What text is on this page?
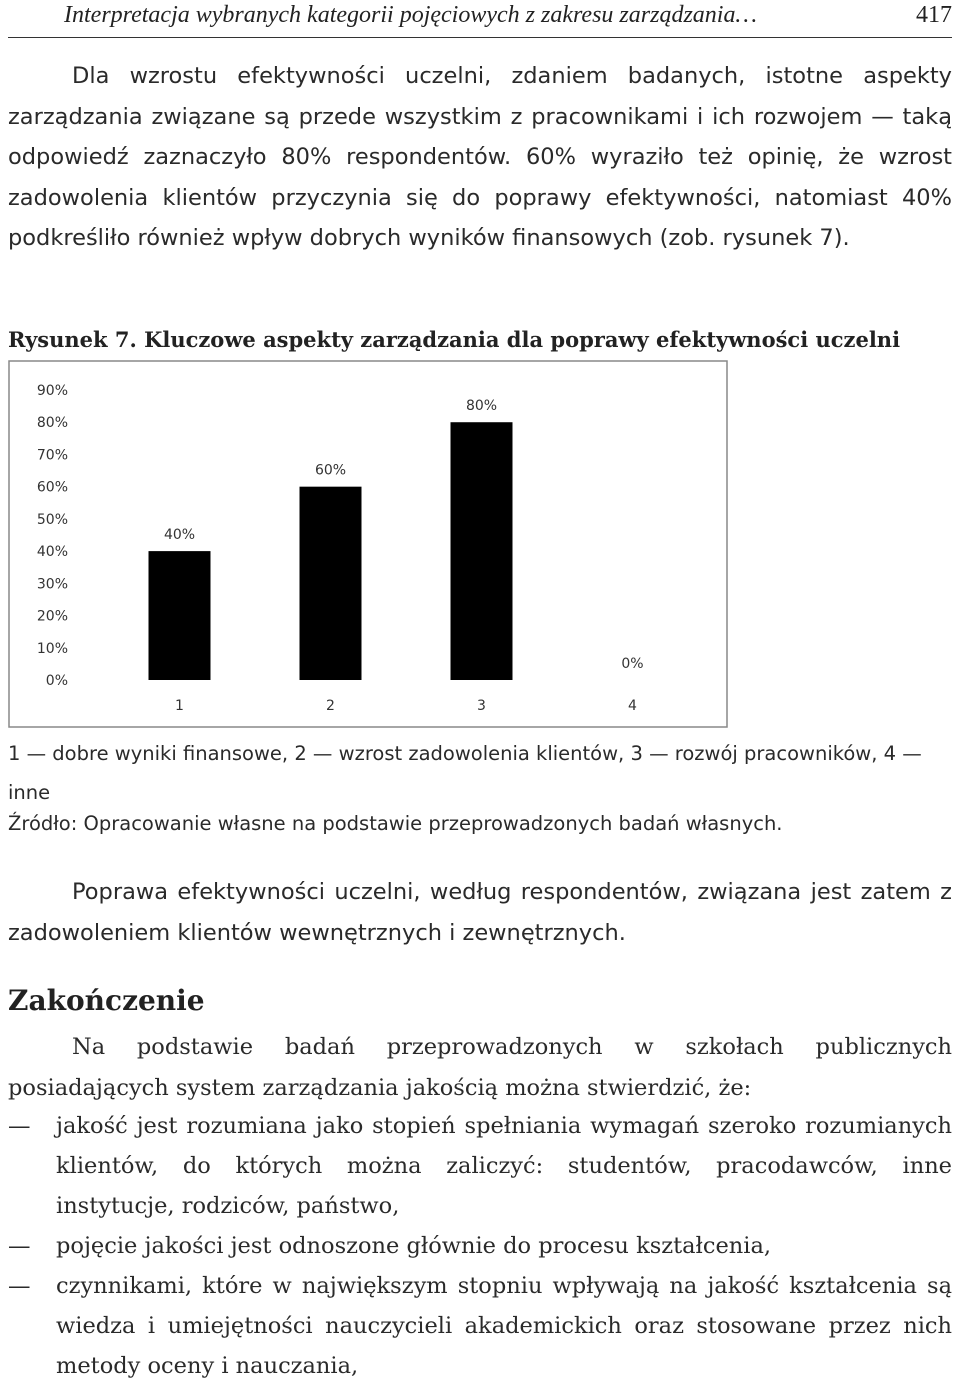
Interpretacja wybranych kategorii pojęciowych z zakresu zarządzania…	417

Dla wzrostu efektywności uczelni, zdaniem badanych, istotne aspekty zarządzania związane są przede wszystkim z pracownikami i ich rozwojem — taką odpowiedź zaznaczyło 80% respondentów. 60% wyraziło też opinię, że wzrost zadowolenia klientów przyczynia się do poprawy efektywności, natomiast 40% podkreśliło również wpływ dobrych wyników finansowych (zob. rysunek 7).

Rysunek 7. Kluczowe aspekty zarządzania dla poprawy efektywności uczelni
0%
10%
20%
30%
40%
50%
60%
70%
80%
90%
40%
60%
80%
0%
1	2	3	4
1 — dobre wyniki finansowe, 2 — wzrost zadowolenia klientów, 3 — rozwój pracowników, 4 — inne
Źródło: Opracowanie własne na podstawie przeprowadzonych badań własnych.

Poprawa efektywności uczelni, według respondentów, związana jest zatem z zadowoleniem klientów wewnętrznych i zewnętrznych.

Zakończenie

Na podstawie badań przeprowadzonych w szkołach publicznych posiadających system zarządzania jakością można stwierdzić, że:

—	jakość jest rozumiana jako stopień spełniania wymagań szeroko rozumianych klientów, do których można zaliczyć: studentów, pracodawców, inne instytucje, rodziców, państwo,
—	pojęcie jakości jest odnoszone głównie do procesu kształcenia,
—	czynnikami, które w największym stopniu wpływają na jakość kształcenia są wiedza i umiejętności nauczycieli akademickich oraz stosowane przez nich metody oceny i nauczania,
